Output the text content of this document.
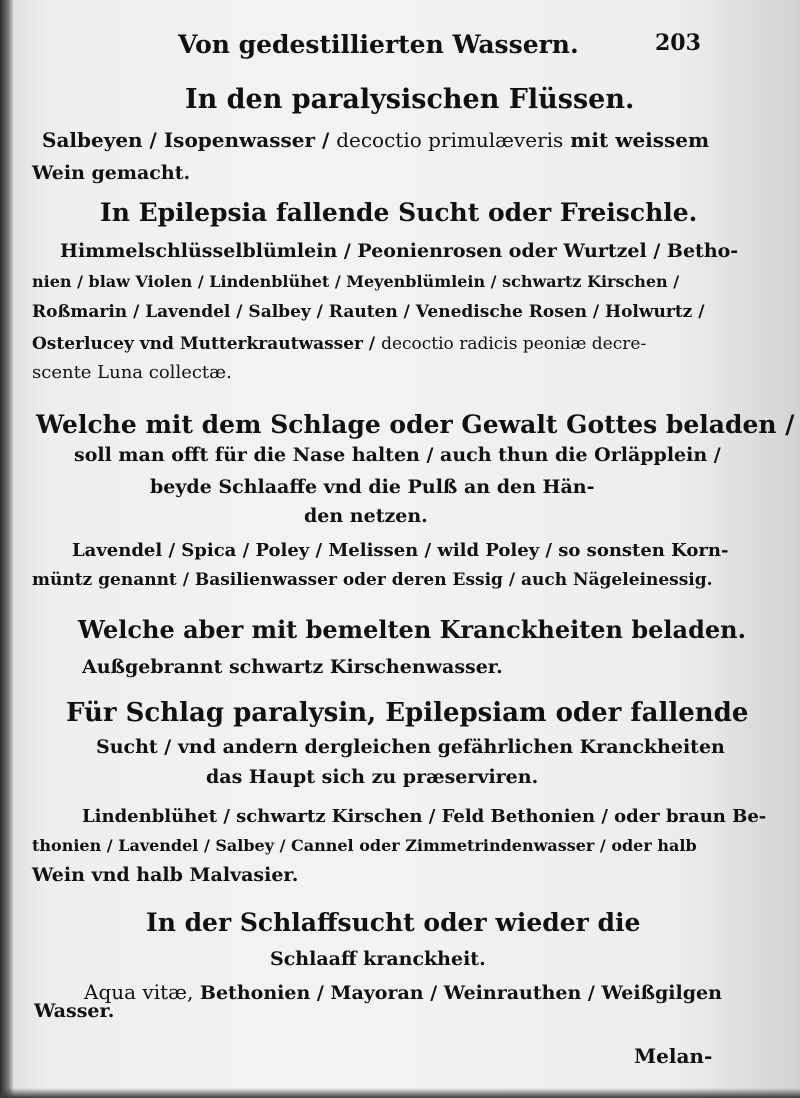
Von gedestillierten Wassern.	203
In den paralysischen Flüssen.
Salbeyen / Isopenwasser / decoctio primulæveris mit weissem
Wein gemacht.
In Epilepsia fallende Sucht oder Freischle.
Himmelschlüsselblümlein / Peonienrosen oder Wurtzel / Betho-
nien / blaw Violen / Lindenblühet / Meyenblümlein / schwartz Kirschen /
Roßmarin / Lavendel / Salbey / Rauten / Venedische Rosen / Holwurtz /
Osterlucey vnd Mutterkrautwasser / decoctio radicis peoniæ decre-
scente Luna collectæ.
Welche mit dem Schlage oder Gewalt Gottes beladen /
soll man offt für die Nase halten / auch thun die Orläpplein /
beyde Schlaaffe vnd die Pulß an den Hän-
den netzen.
Lavendel / Spica / Poley / Melissen / wild Poley / so sonsten Korn-
müntz genannt / Basilienwasser oder deren Essig / auch Nägeleinessig.
Welche aber mit bemelten Kranckheiten beladen.
Außgebrannt schwartz Kirschenwasser.
Für Schlag paralysin, Epilepsiam oder fallende
Sucht / vnd andern dergleichen gefährlichen Kranckheiten
das Haupt sich zu præserviren.
Lindenblühet / schwartz Kirschen / Feld Bethonien / oder braun Be-
thonien / Lavendel / Salbey / Cannel oder Zimmetrindenwasser / oder halb
Wein vnd halb Malvasier.
In der Schlaffsucht oder wieder die
Schlaaff kranckheit.
Aqua vitæ, Bethonien / Mayoran / Weinrauthen / Weißgilgen
Wasser.
Melan-
